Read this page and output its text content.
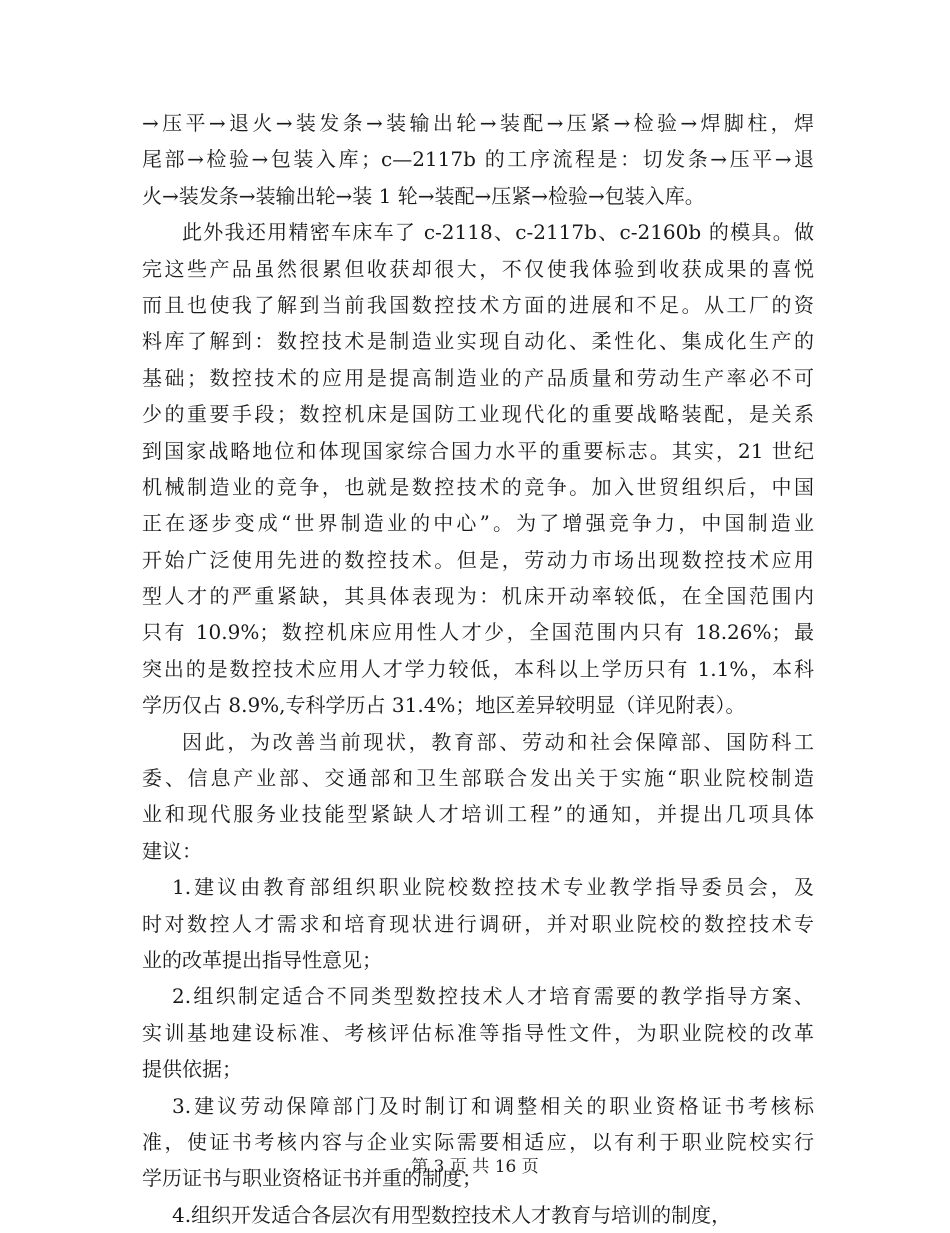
→压平→退火→装发条→装输出轮→装配→压紧→检验→焊脚柱，焊
尾部→检验→包装入库；c—2117b 的工序流程是：切发条→压平→退
火→装发条→装输出轮→装 1 轮→装配→压紧→检验→包装入库。
此外我还用精密车床车了 c-2118、c-2117b、c-2160b 的模具。做
完这些产品虽然很累但收获却很大，不仅使我体验到收获成果的喜悦
而且也使我了解到当前我国数控技术方面的进展和不足。从工厂的资
料库了解到：数控技术是制造业实现自动化、柔性化、集成化生产的
基础；数控技术的应用是提高制造业的产品质量和劳动生产率必不可
少的重要手段；数控机床是国防工业现代化的重要战略装配，是关系
到国家战略地位和体现国家综合国力水平的重要标志。其实，21 世纪
机械制造业的竞争，也就是数控技术的竞争。加入世贸组织后，中国
正在逐步变成“世界制造业的中心”。为了增强竞争力，中国制造业
开始广泛使用先进的数控技术。但是，劳动力市场出现数控技术应用
型人才的严重紧缺，其具体表现为：机床开动率较低，在全国范围内
只有 10.9%；数控机床应用性人才少，全国范围内只有 18.26%；最
突出的是数控技术应用人才学力较低，本科以上学历只有 1.1%，本科
学历仅占 8.9%,专科学历占 31.4%；地区差异较明显（详见附表）。
因此，为改善当前现状，教育部、劳动和社会保障部、国防科工
委、信息产业部、交通部和卫生部联合发出关于实施“职业院校制造
业和现代服务业技能型紧缺人才培训工程”的通知，并提出几项具体
建议：
1.建议由教育部组织职业院校数控技术专业教学指导委员会，及
时对数控人才需求和培育现状进行调研，并对职业院校的数控技术专
业的改革提出指导性意见；
2.组织制定适合不同类型数控技术人才培育需要的教学指导方案、
实训基地建设标准、考核评估标准等指导性文件，为职业院校的改革
提供依据；
3.建议劳动保障部门及时制订和调整相关的职业资格证书考核标
准，使证书考核内容与企业实际需要相适应，以有利于职业院校实行
学历证书与职业资格证书并重的制度；
4.组织开发适合各层次有用型数控技术人才教育与培训的制度，
第 3 页 共 16 页
